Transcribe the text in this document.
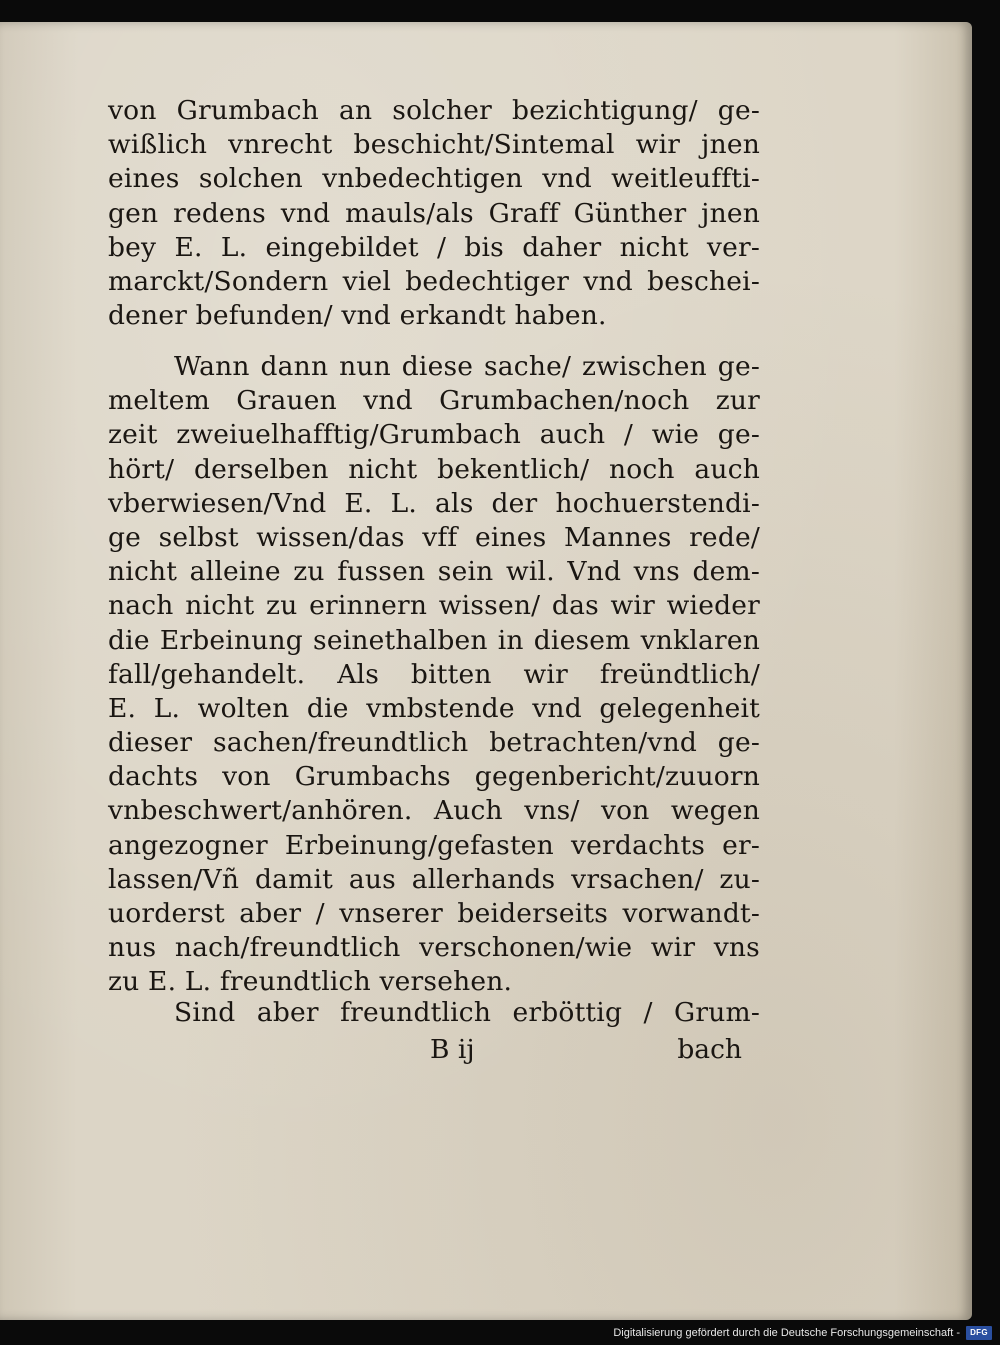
von Grumbach an solcher bezichtigung/ ge-
wißlich vnrecht beschicht/Sintemal wir jnen
eines solchen vnbedechtigen vnd weitleuffti-
gen redens vnd mauls/als Graff Günther jnen
bey E. L. eingebildet / bis daher nicht ver-
marckt/Sondern viel bedechtiger vnd beschei-
dener befunden/ vnd erkandt haben.
Wann dann nun diese sache/ zwischen ge-
meltem Grauen vnd Grumbachen/noch zur
zeit zweiuelhafftig/Grumbach auch / wie ge-
hört/ derselben nicht bekentlich/ noch auch
vberwiesen/Vnd E. L. als der hochuerstendi-
ge selbst wissen/das vff eines Mannes rede/
nicht alleine zu fussen sein wil. Vnd vns dem-
nach nicht zu erinnern wissen/ das wir wieder
die Erbeinung seinethalben in diesem vnklaren
fall/gehandelt. Als bitten wir freündtlich/
E. L. wolten die vmbstende vnd gelegenheit
dieser sachen/freundtlich betrachten/vnd ge-
dachts von Grumbachs gegenbericht/zuuorn
vnbeschwert/anhören. Auch vns/ von wegen
angezogner Erbeinung/gefasten verdachts er-
lassen/Vñ damit aus allerhands vrsachen/ zu-
uorderst aber / vnserer beiderseits vorwandt-
nus nach/freundtlich verschonen/wie wir vns
zu E. L. freundtlich versehen.
Sind aber freundtlich erböttig / Grum-
B ij	bach
Digitalisierung gefördert durch die Deutsche Forschungsgemeinschaft -	DFG
